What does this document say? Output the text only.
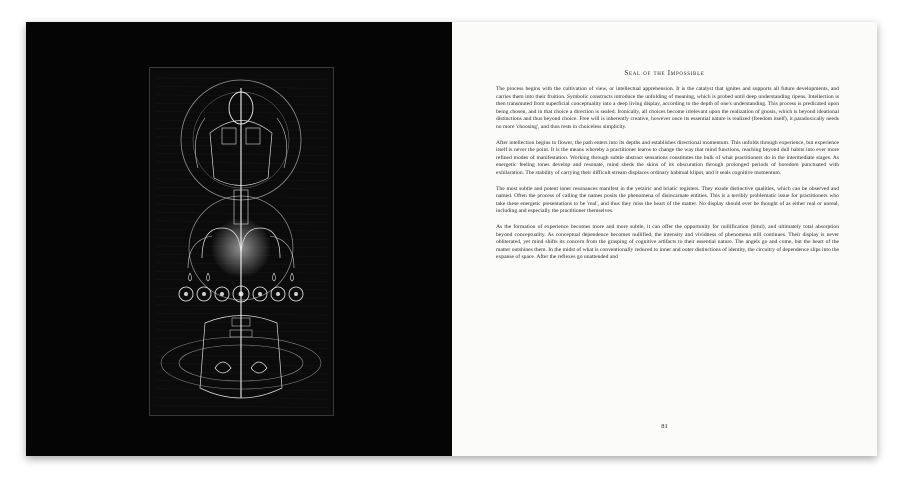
Seal of the Impossible

The process begins with the cultivation of view, or intellectual apprehension. It is the catalyst that ignites and supports all future developments, and carries them into their fruition. Symbolic constructs introduce the unfolding of meaning, which is probed until deep understanding ripens. Intellection is then transmuted from superficial conceptuality into a deep living display, according to the depth of one's understanding. This process is predicated upon being chosen, and in that choice a direction is sealed. Ironically, all choices become irrelevant upon the realization of gnosis, which is beyond ideational distinctions and thus beyond choice. Free will is inherently creative, however once its essential nature is realized (freedom itself), it paradoxically needs no more 'choosing', and thus rests in choiceless simplicity.

After intellection begins to flower, the path enters into its depths and establishes directional momentum. This unfolds through experience, but experience itself is never the point. It is the means whereby a practitioner learns to change the way that mind functions, reaching beyond dull habits into ever more refined modes of manifestation. Working through subtle abstract sensations constitutes the bulk of what practitioners do in the intermediate stages. As energetic feeling tones develop and resonate, mind sheds the skins of its obscuration through prolonged periods of boredom punctuated with exhilaration. The stability of carrying their difficult stream displaces ordinary habitual klipot, and it seals cognitive momentum.

The most subtle and potent inner resonances manifest in the yetziric and briatic registers. They exude distinctive qualities, which can be observed and named. Often the process of calling the names posits the phenomena of disincarnate entities. This is a terribly problematic issue for practitioners who take these energetic presentations to be 'real', and thus they miss the heart of the matter. No display should ever be thought of as either real or unreal, including and especially the practitioner themselves.

As the formation of experience becomes more and more subtle, it can offer the opportunity for nullification (bitul), and ultimately total absorption beyond conceptuality. As conceptual dependence becomes nullified, the intensity and vividness of phenomena still continues. Their display is never obliterated, yet mind shifts its concern from the grasping of cognitive artifacts to their essential nature. The angels go and come, but the heart of the matter outshines them. In the midst of what is conventionally reduced to inner and outer distinctions of identity, the circuitry of dependence slips into the expanse of space. After the reflexes go unattended and

81
